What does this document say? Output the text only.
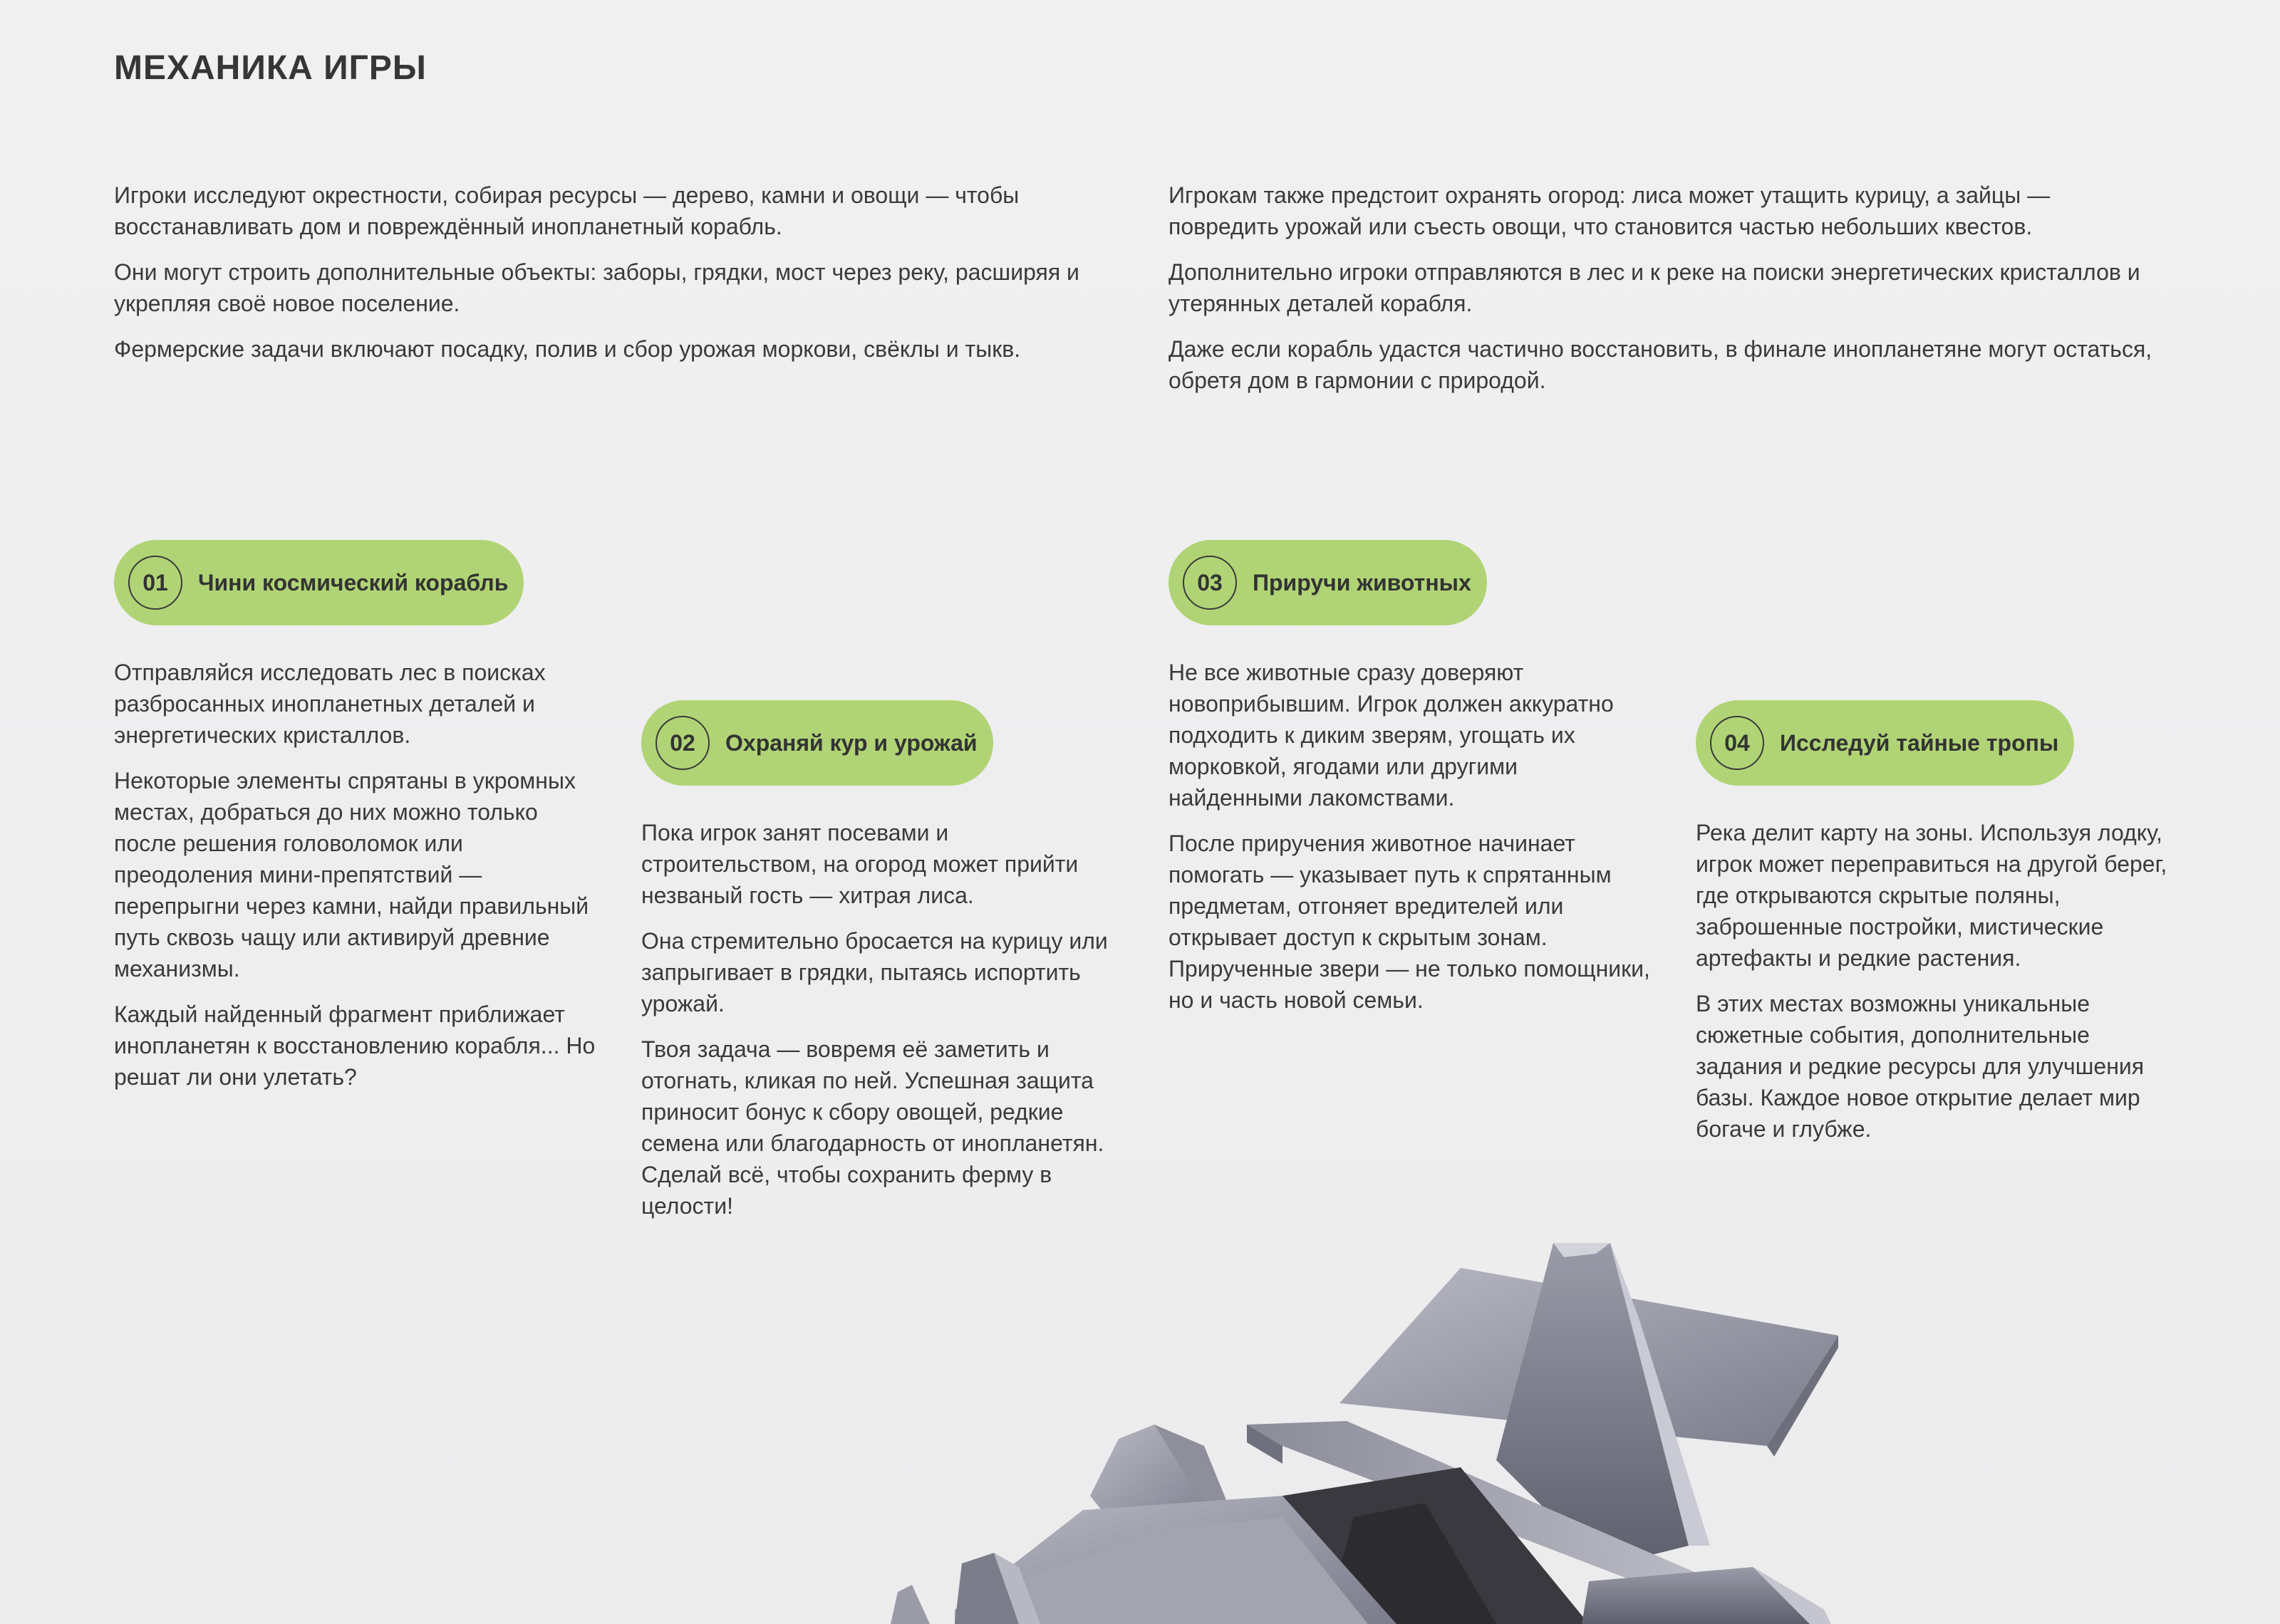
МЕХАНИКА ИГРЫ

Игроки исследуют окрестности, собирая ресурсы — дерево, камни и овощи — чтобы восстанавливать дом и повреждённый инопланетный корабль.

Они могут строить дополнительные объекты: заборы, грядки, мост через реку, расширяя и укрепляя своё новое поселение.

Фермерские задачи включают посадку, полив и сбор урожая моркови, свёклы и тыкв.

Игрокам также предстоит охранять огород: лиса может утащить курицу, а зайцы — повредить урожай или съесть овощи, что становится частью небольших квестов.

Дополнительно игроки отправляются в лес и к реке на поиски энергетических кристаллов и утерянных деталей корабля.

Даже если корабль удастся частично восстановить, в финале инопланетяне могут остаться, обретя дом в гармонии с природой.

01	Чини космический корабль

Отправляйся исследовать лес в поисках разбросанных инопланетных деталей и энергетических кристаллов.

Некоторые элементы спрятаны в укромных местах, добраться до них можно только после решения головоломок или преодоления мини-препятствий — перепрыгни через камни, найди правильный путь сквозь чащу или активируй древние механизмы.

Каждый найденный фрагмент приближает инопланетян к восстановлению корабля... Но решат ли они улетать?

02	Охраняй кур и урожай

Пока игрок занят посевами и строительством, на огород может прийти незваный гость — хитрая лиса.

Она стремительно бросается на курицу или запрыгивает в грядки, пытаясь испортить урожай.

Твоя задача — вовремя её заметить и отогнать, кликая по ней. Успешная защита приносит бонус к сбору овощей, редкие семена или благодарность от инопланетян. Сделай всё, чтобы сохранить ферму в целости!

03	Приручи животных

Не все животные сразу доверяют новоприбывшим. Игрок должен аккуратно подходить к диким зверям, угощать их морковкой, ягодами или другими найденными лакомствами.

После приручения животное начинает помогать — указывает путь к спрятанным предметам, отгоняет вредителей или открывает доступ к скрытым зонам. Прирученные звери — не только помощники, но и часть новой семьи.

04	Исследуй тайные тропы

Река делит карту на зоны. Используя лодку, игрок может переправиться на другой берег, где открываются скрытые поляны, заброшенные постройки, мистические артефакты и редкие растения.

В этих местах возможны уникальные сюжетные события, дополнительные задания и редкие ресурсы для улучшения базы. Каждое новое открытие делает мир богаче и глубже.
